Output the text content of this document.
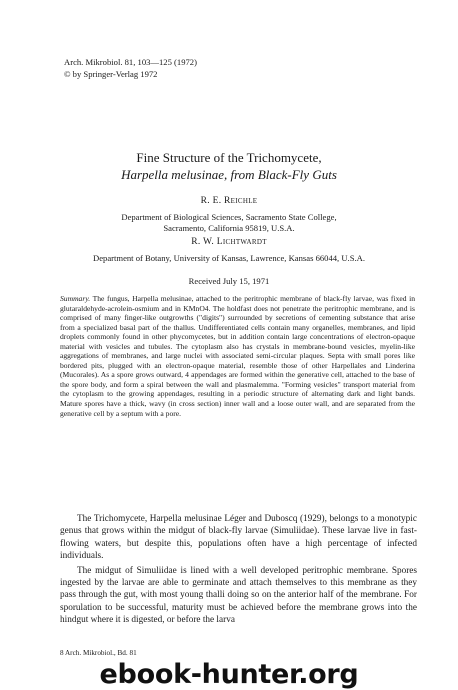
Arch. Mikrobiol. 81, 103—125 (1972)
© by Springer-Verlag 1972
Fine Structure of the Trichomycete,
Harpella melusinae, from Black-Fly Guts
R. E. Reichle
Department of Biological Sciences, Sacramento State College,
Sacramento, California 95819, U.S.A.
R. W. Lichtwardt
Department of Botany, University of Kansas, Lawrence, Kansas 66044, U.S.A.
Received July 15, 1971
Summary. The fungus, Harpella melusinae, attached to the peritrophic membrane of black-fly larvae, was fixed in glutaraldehyde-acrolein-osmium and in KMnO4. The holdfast does not penetrate the peritrophic membrane, and is comprised of many finger-like outgrowths ("digits") surrounded by secretions of cementing substance that arise from a specialized basal part of the thallus. Undifferentiated cells contain many organelles, membranes, and lipid droplets commonly found in other phycomycetes, but in addition contain large concentrations of electron-opaque material with vesicles and tubules. The cytoplasm also has crystals in membrane-bound vesicles, myelin-like aggregations of membranes, and large nuclei with associated semi-circular plaques. Septa with small pores like bordered pits, plugged with an electron-opaque material, resemble those of other Harpellales and Linderina (Mucorales). As a spore grows outward, 4 appendages are formed within the generative cell, attached to the base of the spore body, and form a spiral between the wall and plasmalemma. "Forming vesicles" transport material from the cytoplasm to the growing appendages, resulting in a periodic structure of alternating dark and light bands. Mature spores have a thick, wavy (in cross section) inner wall and a loose outer wall, and are separated from the generative cell by a septum with a pore.

The Trichomycete, Harpella melusinae Léger and Duboscq (1929), belongs to a monotypic genus that grows within the midgut of black-fly larvae (Simuliidae). These larvae live in fast-flowing waters, but despite this, populations often have a high percentage of infected individuals.

The midgut of Simuliidae is lined with a well developed peritrophic membrane. Spores ingested by the larvae are able to germinate and attach themselves to this membrane as they pass through the gut, with most young thalli doing so on the anterior half of the membrane. For sporulation to be successful, maturity must be achieved before the membrane grows into the hindgut where it is digested, or before the larva

8 Arch. Mikrobiol., Bd. 81
ebook-hunter.org
